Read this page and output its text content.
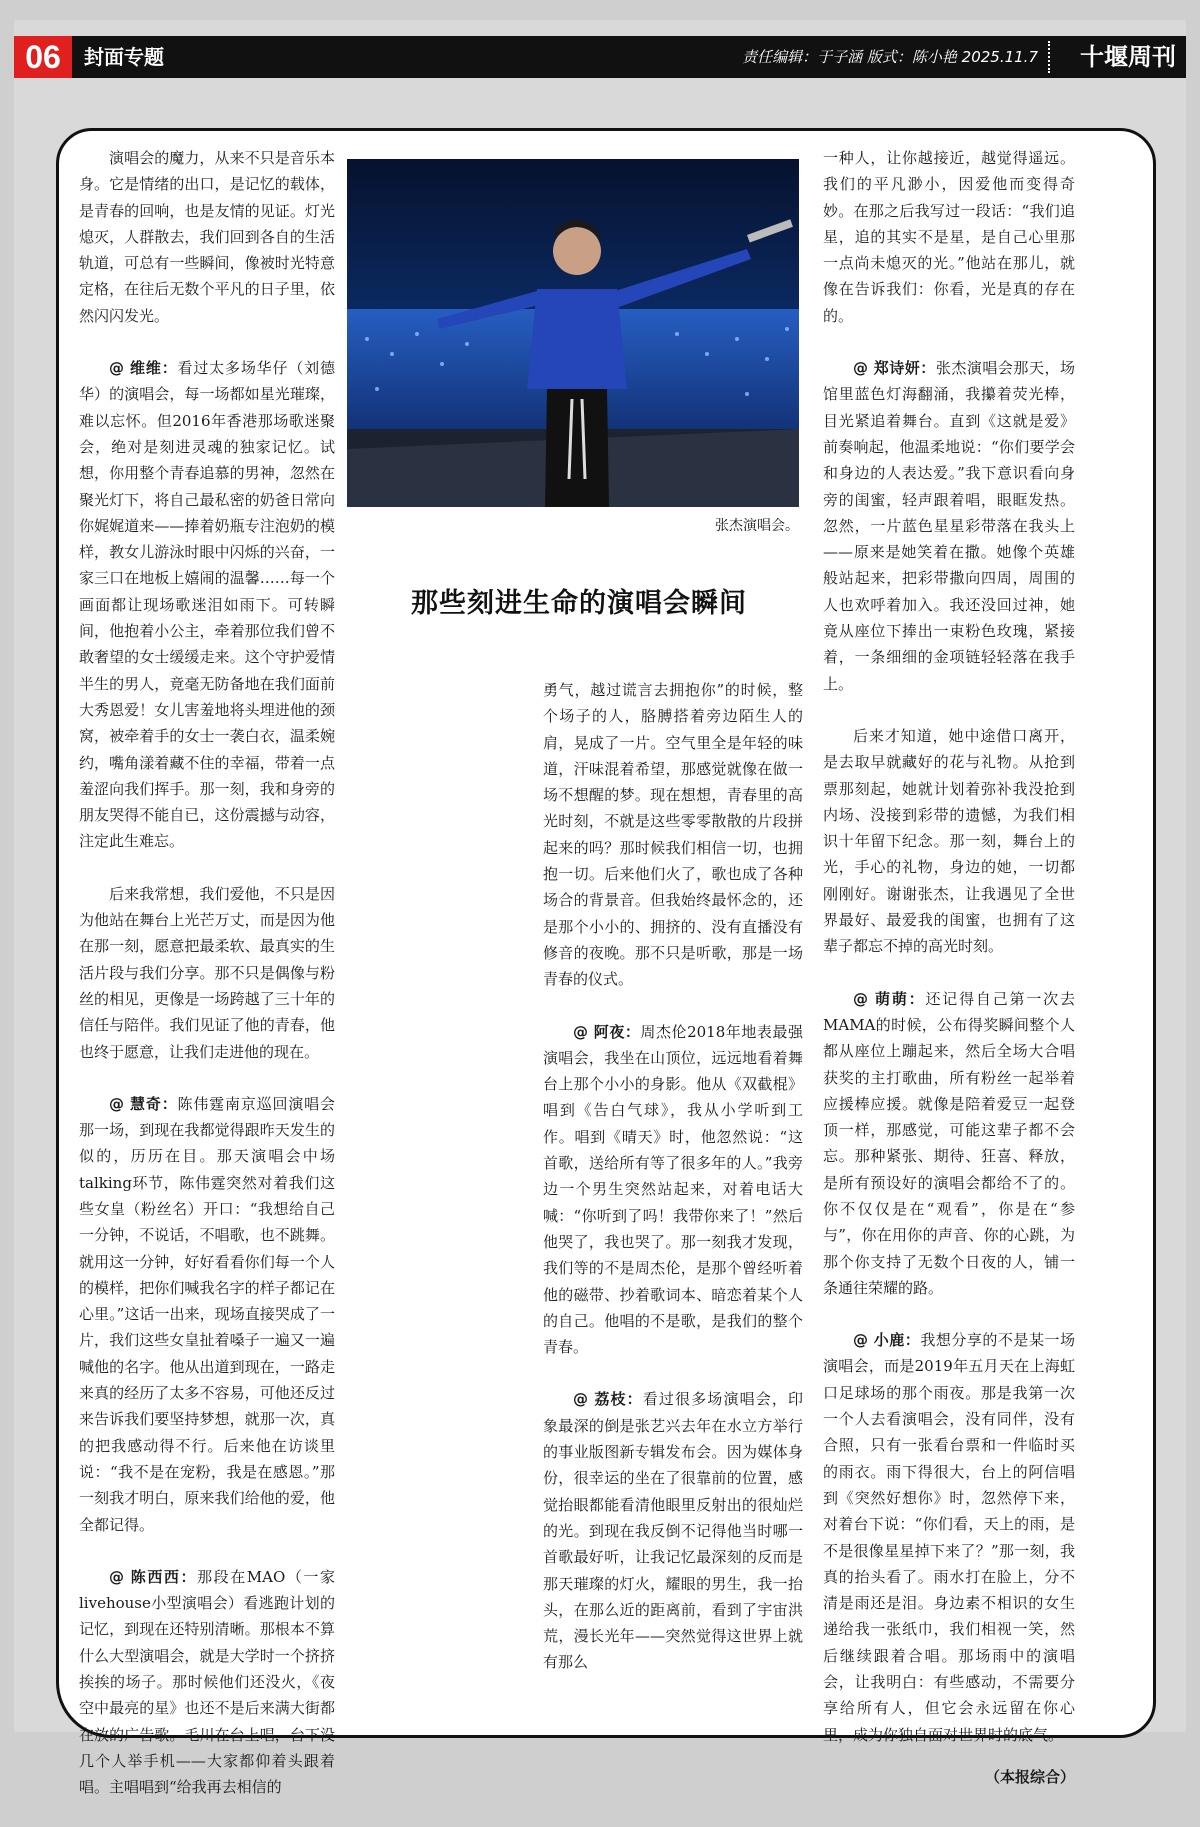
06	封面专题	责任编辑：于子涵 版式：陈小艳 2025.11.7	十堰周刊

演唱会的魔力，从来不只是音乐本身。它是情绪的出口，是记忆的载体，是青春的回响，也是友情的见证。灯光熄灭，人群散去，我们回到各自的生活轨道，可总有一些瞬间，像被时光特意定格，在往后无数个平凡的日子里，依然闪闪发光。

@ 维维：看过太多场华仔（刘德华）的演唱会，每一场都如星光璀璨，难以忘怀。但2016年香港那场歌迷聚会，绝对是刻进灵魂的独家记忆。试想，你用整个青春追慕的男神，忽然在聚光灯下，将自己最私密的奶爸日常向你娓娓道来——捧着奶瓶专注泡奶的模样，教女儿游泳时眼中闪烁的兴奋，一家三口在地板上嬉闹的温馨……每一个画面都让现场歌迷泪如雨下。可转瞬间，他抱着小公主，牵着那位我们曾不敢奢望的女士缓缓走来。这个守护爱情半生的男人，竟毫无防备地在我们面前大秀恩爱！女儿害羞地将头埋进他的颈窝，被牵着手的女士一袭白衣，温柔婉约，嘴角漾着藏不住的幸福，带着一点羞涩向我们挥手。那一刻，我和身旁的朋友哭得不能自已，这份震撼与动容，注定此生难忘。

后来我常想，我们爱他，不只是因为他站在舞台上光芒万丈，而是因为他在那一刻，愿意把最柔软、最真实的生活片段与我们分享。那不只是偶像与粉丝的相见，更像是一场跨越了三十年的信任与陪伴。我们见证了他的青春，他也终于愿意，让我们走进他的现在。

@ 慧奇：陈伟霆南京巡回演唱会那一场，到现在我都觉得跟昨天发生的似的，历历在目。那天演唱会中场talking环节，陈伟霆突然对着我们这些女皇（粉丝名）开口：“我想给自己一分钟，不说话，不唱歌，也不跳舞。就用这一分钟，好好看看你们每一个人的模样，把你们喊我名字的样子都记在心里。”这话一出来，现场直接哭成了一片，我们这些女皇扯着嗓子一遍又一遍喊他的名字。他从出道到现在，一路走来真的经历了太多不容易，可他还反过来告诉我们要坚持梦想，就那一次，真的把我感动得不行。后来他在访谈里说：“我不是在宠粉，我是在感恩。”那一刻我才明白，原来我们给他的爱，他全都记得。

@ 陈西西：那段在MAO（一家livehouse小型演唱会）看逃跑计划的记忆，到现在还特别清晰。那根本不算什么大型演唱会，就是大学时一个挤挤挨挨的场子。那时候他们还没火，《夜空中最亮的星》也还不是后来满大街都在放的广告歌。毛川在台上唱，台下没几个人举手机——大家都仰着头跟着唱。主唱唱到“给我再去相信的

张杰演唱会。
那些刻进生命的演唱会瞬间

勇气，越过谎言去拥抱你”的时候，整个场子的人，胳膊搭着旁边陌生人的肩，晃成了一片。空气里全是年轻的味道，汗味混着希望，那感觉就像在做一场不想醒的梦。现在想想，青春里的高光时刻，不就是这些零零散散的片段拼起来的吗？那时候我们相信一切，也拥抱一切。后来他们火了，歌也成了各种场合的背景音。但我始终最怀念的，还是那个小小的、拥挤的、没有直播没有修音的夜晚。那不只是听歌，那是一场青春的仪式。

@ 阿夜：周杰伦2018年地表最强演唱会，我坐在山顶位，远远地看着舞台上那个小小的身影。他从《双截棍》唱到《告白气球》，我从小学听到工作。唱到《晴天》时，他忽然说：“这首歌，送给所有等了很多年的人。”我旁边一个男生突然站起来，对着电话大喊：“你听到了吗！我带你来了！”然后他哭了，我也哭了。那一刻我才发现，我们等的不是周杰伦，是那个曾经听着他的磁带、抄着歌词本、暗恋着某个人的自己。他唱的不是歌，是我们的整个青春。

@ 荔枝：看过很多场演唱会，印象最深的倒是张艺兴去年在水立方举行的事业版图新专辑发布会。因为媒体身份，很幸运的坐在了很靠前的位置，感觉抬眼都能看清他眼里反射出的很灿烂的光。到现在我反倒不记得他当时哪一首歌最好听，让我记忆最深刻的反而是那天璀璨的灯火，耀眼的男生，我一抬头，在那么近的距离前，看到了宇宙洪荒，漫长光年——突然觉得这世界上就有那么

一种人，让你越接近，越觉得遥远。我们的平凡渺小，因爱他而变得奇妙。在那之后我写过一段话：“我们追星，追的其实不是星，是自己心里那一点尚未熄灭的光。”他站在那儿，就像在告诉我们：你看，光是真的存在的。

@ 郑诗妍：张杰演唱会那天，场馆里蓝色灯海翻涌，我攥着荧光棒，目光紧追着舞台。直到《这就是爱》前奏响起，他温柔地说：“你们要学会和身边的人表达爱。”我下意识看向身旁的闺蜜，轻声跟着唱，眼眶发热。忽然，一片蓝色星星彩带落在我头上——原来是她笑着在撒。她像个英雄般站起来，把彩带撒向四周，周围的人也欢呼着加入。我还没回过神，她竟从座位下捧出一束粉色玫瑰，紧接着，一条细细的金项链轻轻落在我手上。

后来才知道，她中途借口离开，是去取早就藏好的花与礼物。从抢到票那刻起，她就计划着弥补我没抢到内场、没接到彩带的遗憾，为我们相识十年留下纪念。那一刻，舞台上的光，手心的礼物，身边的她，一切都刚刚好。谢谢张杰，让我遇见了全世界最好、最爱我的闺蜜，也拥有了这辈子都忘不掉的高光时刻。

@ 萌萌：还记得自己第一次去MAMA的时候，公布得奖瞬间整个人都从座位上蹦起来，然后全场大合唱获奖的主打歌曲，所有粉丝一起举着应援棒应援。就像是陪着爱豆一起登顶一样，那感觉，可能这辈子都不会忘。那种紧张、期待、狂喜、释放，是所有预设好的演唱会都给不了的。你不仅仅是在“观看”，你是在“参与”，你在用你的声音、你的心跳，为那个你支持了无数个日夜的人，铺一条通往荣耀的路。

@ 小鹿：我想分享的不是某一场演唱会，而是2019年五月天在上海虹口足球场的那个雨夜。那是我第一次一个人去看演唱会，没有同伴，没有合照，只有一张看台票和一件临时买的雨衣。雨下得很大，台上的阿信唱到《突然好想你》时，忽然停下来，对着台下说：“你们看，天上的雨，是不是很像星星掉下来了？”那一刻，我真的抬头看了。雨水打在脸上，分不清是雨还是泪。身边素不相识的女生递给我一张纸巾，我们相视一笑，然后继续跟着合唱。那场雨中的演唱会，让我明白：有些感动，不需要分享给所有人，但它会永远留在你心里，成为你独自面对世界时的底气。

（本报综合）
